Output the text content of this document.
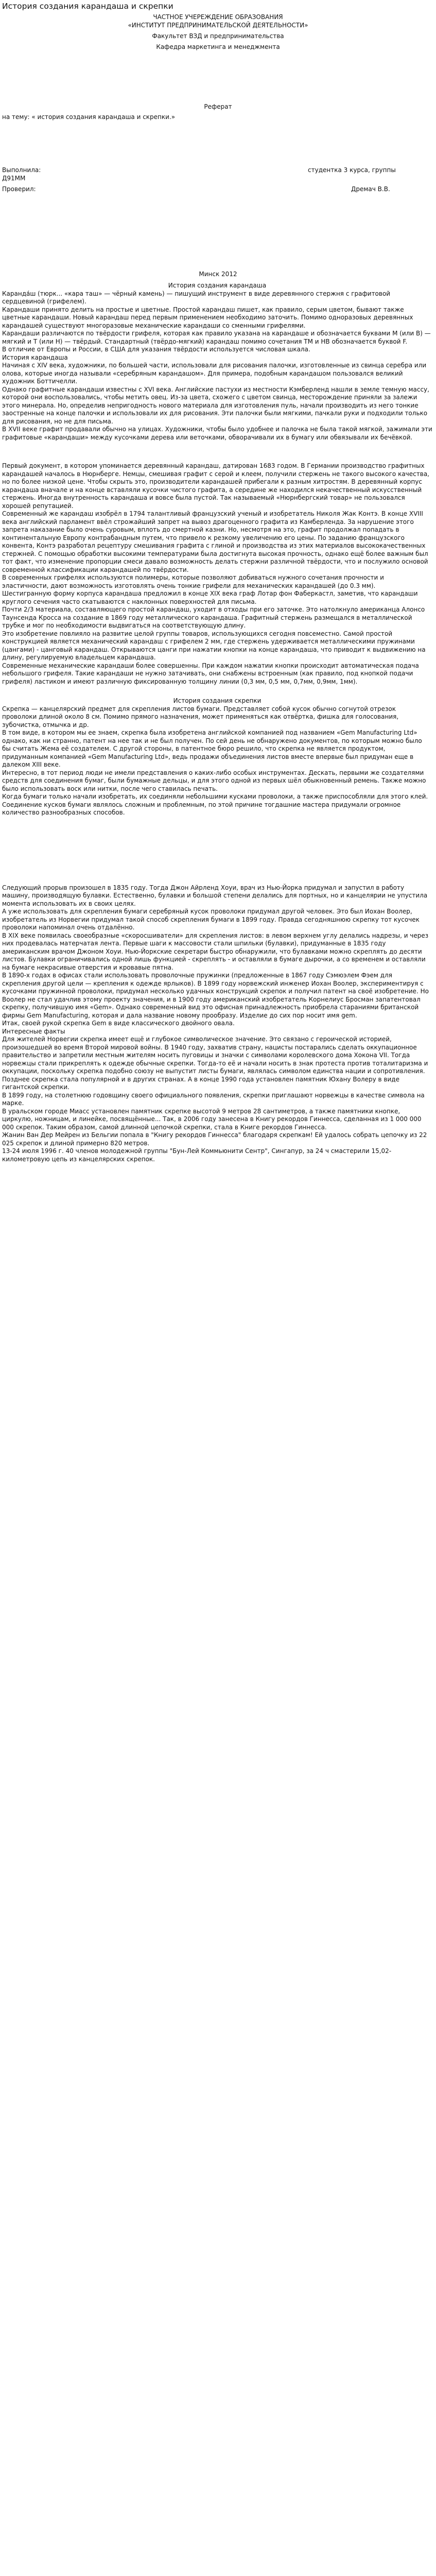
История создания карандаша и скрепки
ЧАСТНОЕ УЧЕРЕЖДЕНИЕ ОБРАЗОВАНИЯ
«ИНСТИТУТ ПРЕДПРИНИМАТЕЛЬСКОЙ ДЕЯТЕЛЬНОСТИ»
Факультет ВЗД и предпринимательства
Кафедра маркетинга и менеджмента
Реферат
на тему: « история создания карандаша и скрепки.»
Выполнила:	студентка 3 курса, группы
Д91ММ
Проверил:	Дремач В.В.
Минск 2012

История создания карандаша

Каранда́ш (тюрк... «кара таш» — чёрный камень) — пишущий инструмент в виде деревянного стержня с графитовой сердцевиной (грифелем).

Карандаши принято делить на простые и цветные. Простой карандаш пишет, как правило, серым цветом, бывают также цветные карандаши. Новый карандаш перед первым применением необходимо заточить. Помимо одноразовых деревянных карандашей существуют многоразовые механические карандаши со сменными грифелями.

Карандаши различаются по твёрдости грифеля, которая как правило указана на карандаше и обозначается буквами M (или B) — мягкий и T (или H) — твёрдый. Стандартный (твёрдо-мягкий) карандаш помимо сочетания ТМ и HB обозначается буквой F.

В отличие от Европы и России, в США для указания твёрдости используется числовая шкала.

История карандаша

Начиная с XIV века, художники, по большей части, использовали для рисования палочки, изготовленные из свинца серебра или олова, которые иногда называли «серебряным карандашом». Для примера, подобным карандашом пользовался великий художник Боттичелли.

Однако графитные карандаши известны с XVI века. Английские пастухи из местности Кэмберленд нашли в земле темную массу, которой они воспользовались, чтобы метить овец. Из-за цвета, схожего с цветом свинца, месторождение приняли за залежи этого минерала. Но, определив непригодность нового материала для изготовления пуль, начали производить из него тонкие заостренные на конце палочки и использовали их для рисования. Эти палочки были мягкими, пачкали руки и подходили только для рисования, но не для письма.

В XVII веке графит продавали обычно на улицах. Художники, чтобы было удобнее и палочка не была такой мягкой, зажимали эти графитовые «карандаши» между кусочками дерева или веточками, обворачивали их в бумагу или обвязывали их бечёвкой.

Первый документ, в котором упоминается деревянный карандаш, датирован 1683 годом. В Германии производство графитных карандашей началось в Нюрнберге. Немцы, смешивая графит с серой и клеем, получили стержень не такого высокого качества, но по более низкой цене. Чтобы скрыть это, производители карандашей прибегали к разным хитростям. В деревянный корпус карандаша вначале и на конце вставляли кусочки чистого графита, а середине же находился некачественный искусственный стержень. Иногда внутренность карандаша и вовсе была пустой. Так называемый «Нюрнбергский товар» не пользовался хорошей репутацией.

Современный же карандаш изобрёл в 1794 талантливый французский ученый и изобретатель Николя Жак Контэ. В конце XVIII века английский парламент ввёл строжайший запрет на вывоз драгоценного графита из Камберленда. За нарушение этого запрета наказание было очень суровым, вплоть до смертной казни. Но, несмотря на это, графит продолжал попадать в континентальную Европу контрабандным путем, что привело к резкому увеличению его цены. По заданию французского конвента, Контэ разработал рецептуру смешивания графита с глиной и производства из этих материалов высококачественных стержней. С помощью обработки высокими температурами была достигнута высокая прочность, однако ещё более важным был тот факт, что изменение пропорции смеси давало возможность делать стержни различной твёрдости, что и послужило основой современной классификации карандашей по твёрдости.

В современных грифелях используются полимеры, которые позволяют добиваться нужного сочетания прочности и эластичности, дают возможность изготовлять очень тонкие грифели для механических карандашей (до 0.3 мм).

Шестигранную форму корпуса карандаша предложил в конце XIX века граф Лотар фон Фаберкастл, заметив, что карандаши круглого сечения часто скатываются с наклонных поверхностей для письма.

Почти 2/3 материала, составляющего простой карандаш, уходит в отходы при его заточке. Это натолкнуло американца Алонсо Таунсенда Кросса на создание в 1869 году металлического карандаша. Графитный стержень размещался в металлической трубке и мог по необходимости выдвигаться на соответствующую длину.

Это изобретение повлияло на развитие целой группы товаров, использующихся сегодня повсеместно. Самой простой конструкцией является механический карандаш с грифелем 2 мм, где стержень удерживается металлическими пружинами (цангами) - цанговый карандаш. Открываются цанги при нажатии кнопки на конце карандаша, что приводит к выдвижению на длину, регулируемую владельцем карандаша.

Современные механические карандаши более совершенны. При каждом нажатии кнопки происходит автоматическая подача небольшого грифеля. Такие карандаши не нужно затачивать, они снабжены встроенным (как правило, под кнопкой подачи грифеля) ластиком и имеют различную фиксированную толщину линии (0,3 мм, 0,5 мм, 0,7мм, 0,9мм, 1мм).

История создания скрепки

Скрепка — канцелярский предмет для скрепления листов бумаги. Представляет собой кусок обычно согнутой отрезок проволоки длиной около 8 см. Помимо прямого назначения, может применяться как отвёртка, фишка для голосования, зубочистка, отмычка и др.

В том виде, в котором мы ее знаем, скрепка была изобретена английской компанией под названием «Gem Manufacturing Ltd» однако, как ни странно, патент на нее так и не был получен. По сей день не обнаружено документов, по которым можно было бы считать Жема её создателем. С другой стороны, в патентное бюро решило, что скрепка не является продуктом, придуманным компанией «Gem Manufacturing Ltd», ведь продажи объединения листов вместе впервые был придуман еще в далеком XIII веке.

Интересно, в тот период люди не имели представления о каких-либо особых инструментах. Дескать, первыми же создателями средств для соединения бумаг, были бумажные дельцы, и для этого одной из первых шёл обыкновенный ремень. Также можно было использовать воск или нитки, после чего ставилась печать.

Когда бумаги только начали изобретать, их соединяли небольшими кусками проволоки, а также приспособляли для этого клей. Соединение кусков бумаги являлось сложным и проблемным, по этой причине тогдашние мастера придумали огромное количество разнообразных способов.

Следующий прорыв произошел в 1835 году. Тогда Джон Айрленд Хоуи, врач из Нью-Йорка придумал и запустил в работу машину, производящую булавки. Естественно, булавки и большой степени делались для портных, но и канцелярии не упустила момента использовать их в своих целях.

А уже использовать для скрепления бумаги серебряный кусок проволоки придумал другой человек. Это был Иохан Воолер, изобретатель из Норвегии придумал такой способ скрепления бумаги в 1899 году. Правда сегодняшнюю скрепку тот кусочек проволоки напоминал очень отдалённо.

В XIX веке появилась своеобразные «скоросшиватели» для скрепления листов: в левом верхнем углу делались надрезы, и через них продевалась матерчатая лента. Первые шаги к массовости стали шпильки (булавки), придуманные в 1835 году американским врачом Джоном Хоуи. Нью-Йоркские секретари быстро обнаружили, что булавками можно скреплять до десяти листов. Булавки ограничивались одной лишь функцией - скреплять - и оставляли в бумаге дырочки, а со временем и оставляли на бумаге некрасивые отверстия и кровавые пятна.

В 1890-х годах в офисах стали использовать проволочные пружинки (предложенные в 1867 году Сэмюэлем Фэем для скрепления другой цели — крепления к одежде ярлыков). В 1899 году норвежский инженер Иохан Воолер, экспериментируя с кусочками пружинной проволоки, придумал несколько удачных конструкций скрепок и получил патент на своё изобретение. Но Воолер не стал удачлив этому проекту значения, и в 1900 году американский изобретатель Корнелиус Бросман запатентовал скрепку, получившую имя «Gem». Однако современный вид это офисная принадлежность приобрела стараниями британской фирмы Gem Manufacturing, которая и дала название новому прообразу. Изделие до сих пор носит имя gem.

Итак, своей рукой скрепка Gem в виде классического двойного овала.

Интересные факты

Для жителей Норвегии скрепка имеет ещё и глубокое символическое значение. Это связано с героической историей, произошедшей во время Второй мировой войны. В 1940 году, захватив страну, нацисты постарались сделать оккупационное правительство и запретили местным жителям носить пуговицы и значки с символами королевского дома Хокона VII. Тогда норвежцы стали прикреплять к одежде обычные скрепки. Тогда-то её и начали носить в знак протеста против тоталитаризма и оккупации, поскольку скрепка подобно союзу не выпустит листы бумаги, являлась символом единства нации и сопротивления. Позднее скрепка стала популярной и в других странах. А в конце 1990 года установлен памятник Юхану Волеру в виде гигантской скрепки.

В 1899 году, на столетнюю годовщину своего официального появления, скрепки приглашают норвежцы в качестве символа на марке.

В уральском городе Миасс установлен памятник скрепке высотой 9 метров 28 сантиметров, а также памятники кнопке, циркулю, ножницам, и линейке, посвящённые... Так, в 2006 году занесена в Книгу рекордов Гиннесса, сделанная из 1 000 000 000 скрепок. Таким образом, самой длинной цепочкой скрепки, стала в Книге рекордов Гиннесса.

Жанин Ван Дер Мейрен из Бельгии попала в "Книгу рекордов Гиннесса" благодаря скрепкам! Ей удалось собрать цепочку из 22 025 скрепок и длиной примерно 820 метров.

13-24 июля 1996 г. 40 членов молодежной группы "Бун-Лей Коммьюнити Сентр", Сингапур, за 24 ч смастерили 15,02-километровую цепь из канцелярских скрепок.
